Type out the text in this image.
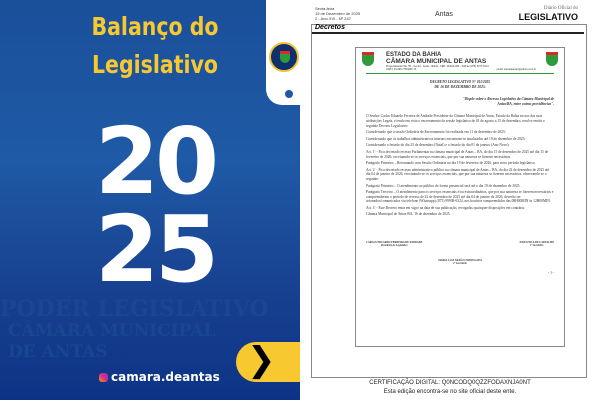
PODER LEGISLATIVO
CÂMARA MUNICIPAL
DE ANTAS
Balanço do
Legislativo
20
25
❯
camara.deantas
Sexta-feira
19 de Dezembro de 2025
2 - Ano XVI - Nº 247
Antas
Diário Oficial do
LEGISLATIVO
Decretos
ESTADO DA BAHIA
CÂMARA MUNICIPAL DE ANTAS
Praça Eduardo Mé, 55 - Centro - Antas - Bahia - CEP: 48.420-000 - Tel/Fax (075) 3277-1013
CNPJ: 04.295.776/0001-73	email: camaraantas@yahoo.com.br

DECRETO LEGISLATIVO Nº 011/2025

DE 16 DE DEZEMBRO DE 2025.

"Dispõe sobre o Recesso Legislativo da Câmara Municipal de Antas/BA, entre outras providências".

O Senhor Carlos Eduardo Ferreira de Andrade Presidente da Câmara Municipal de Antas, Estado da Bahia no uso das suas atribuições Legais, e tendo em vista o encerramento da sessão legislativa de 01 de agosto a 15 de dezembro, resolve emitir o seguinte Decreto Legislativo:

Considerando que a sessão Ordinária de Encerramento foi realizada em 11 de dezembro de 2025;

Considerando que os trabalhos administrativos internos encontram-se atualizados até 19 de dezembro de 2025;

Considerando o feriado do dia 25 de dezembro (Natal) e o feriado do dia 01 de janeiro (Ano Novo);

Art. 1º - Fica decretado recesso Parlamentar na câmara municipal de Antas – BA, do dia 15 de dezembro de 2025 até dia 15 de fevereiro de 2026, excetuando-se os serviços essenciais, que por sua natureza se fizerem necessários.

Parágrafo Primeiro – Retornando com Sessão Ordinária no dia 19 de fevereiro de 2026, para novo período legislativo.

Art. 2º - Fica decretado recesso administrativo público na câmara municipal de Antas – BA, do dia 22 de dezembro de 2025 até dia 04 de janeiro de 2026, excetuando-se os serviços essenciais, que por sua natureza se fizerem necessários. observando-se o seguinte:

Parágrafo Primeiro – O atendimento ao público de forma presencial será até o dia 19 de dezembro de 2025.

Parágrafo Terceiro – O atendimento para os serviços essenciais e/ou extraordinários, que por sua natureza se fizerem necessários e compreenderem o período de recesso de 22 de dezembro de 2025 até dia 04 de janeiro de 2026, deverão ser acionados/comunicados via telefone (Whatsapp) (075) 99908-6324, nos horários compreendidos das 08H00MIN às 12H00MIN.

Art. 3º - Este Decreto entra em vigor na data de sua publicação, revogadas quaisquer disposições em contrário.

Câmara Municipal de Antas-BA, 16 de dezembro de 2025.

CARLOS EDUARDO FERREIRA DE ANDRADE
Presidente do Legislativo
JOSELITO A DE CARVALHO
1º Secretário
MARIA LUIZ ARAÚJO MENEGASSI
2º Secretário
- 1 -
CERTIFICAÇÃO DIGITAL: Q0NCODQ0QZZFODAXNJA0NT
Esta edição encontra-se no site oficial deste ente.
